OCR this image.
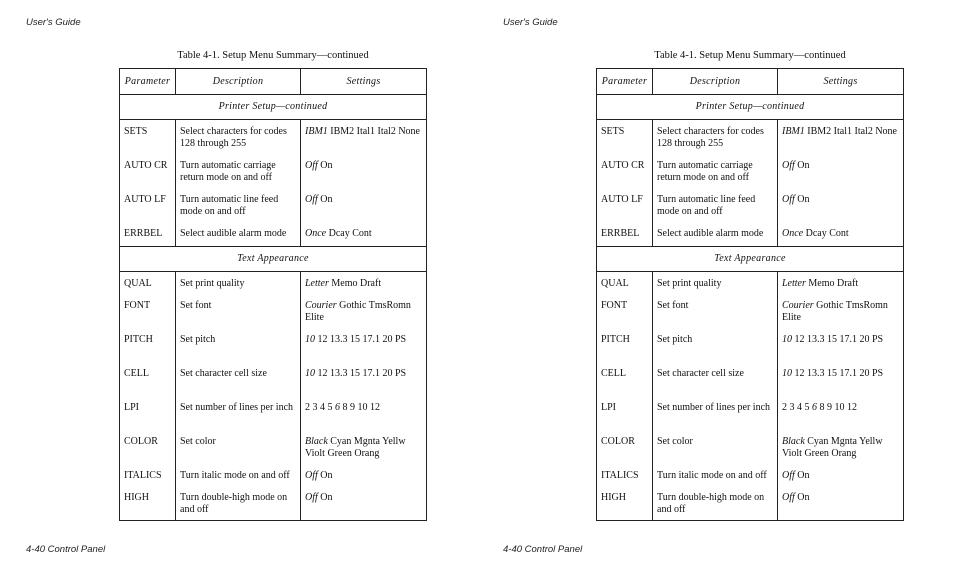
User's Guide
Table 4-1. Setup Menu Summary—continued
Parameter	Description	Settings
Printer Setup—continued		
SETS	Select characters for codes 128 through 255	IBM1 IBM2 Ital1 Ital2 None
AUTO CR	Turn automatic carriage return mode on and off	Off On
AUTO LF	Turn automatic line feed mode on and off	Off On
ERRBEL	Select audible alarm mode	Once Dcay Cont
Text Appearance		
QUAL	Set print quality	Letter Memo Draft
FONT	Set font	Courier Gothic TmsRomn Elite
PITCH	Set pitch	10 12 13.3 15 17.1 20 PS
CELL	Set character cell size	10 12 13.3 15 17.1 20 PS
LPI	Set number of lines per inch	2 3 4 5 6 8 9 10 12
COLOR	Set color	Black Cyan Mgnta Yellw Violt Green Orang
ITALICS	Turn italic mode on and off	Off On
HIGH	Turn double-high mode on and off	Off On
4-40 Control Panel
User's Guide
Table 4-1. Setup Menu Summary—continued
Parameter	Description	Settings
Printer Setup—continued		
SETS	Select characters for codes 128 through 255	IBM1 IBM2 Ital1 Ital2 None
AUTO CR	Turn automatic carriage return mode on and off	Off On
AUTO LF	Turn automatic line feed mode on and off	Off On
ERRBEL	Select audible alarm mode	Once Dcay Cont
Text Appearance		
QUAL	Set print quality	Letter Memo Draft
FONT	Set font	Courier Gothic TmsRomn Elite
PITCH	Set pitch	10 12 13.3 15 17.1 20 PS
CELL	Set character cell size	10 12 13.3 15 17.1 20 PS
LPI	Set number of lines per inch	2 3 4 5 6 8 9 10 12
COLOR	Set color	Black Cyan Mgnta Yellw Violt Green Orang
ITALICS	Turn italic mode on and off	Off On
HIGH	Turn double-high mode on and off	Off On
4-40 Control Panel
